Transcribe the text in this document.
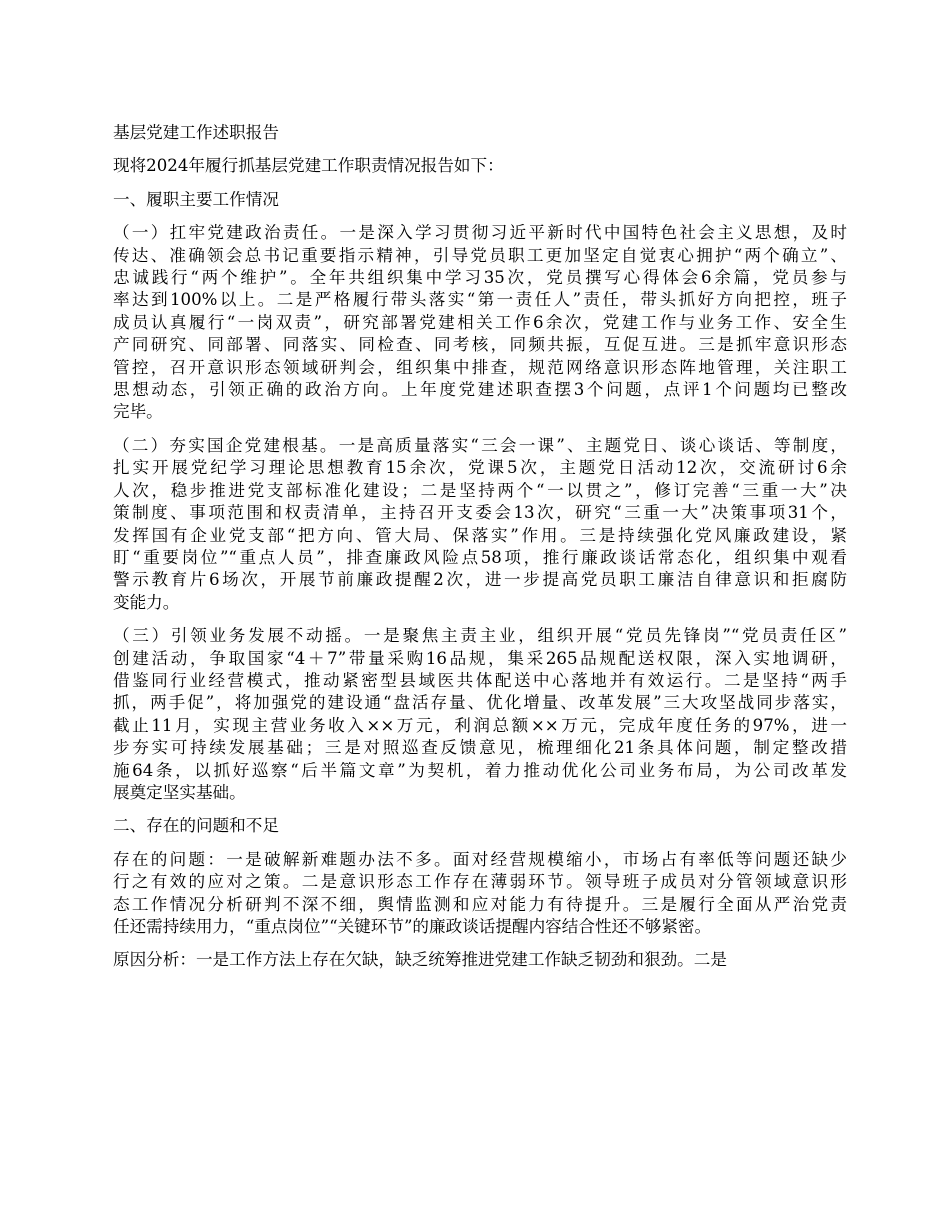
基层党建工作述职报告

现将2024年履行抓基层党建工作职责情况报告如下：

一、履职主要工作情况

（一）扛牢党建政治责任。一是深入学习贯彻习近平新时代中国特色社会主义思想，及时
传达、准确领会总书记重要指示精神，引导党员职工更加坚定自觉衷心拥护“两个确立”、
忠诚践行“两个维护”。全年共组织集中学习35次，党员撰写心得体会6余篇，党员参与
率达到100%以上。二是严格履行带头落实“第一责任人”责任，带头抓好方向把控，班子
成员认真履行“一岗双责”，研究部署党建相关工作6余次，党建工作与业务工作、安全生
产同研究、同部署、同落实、同检查、同考核，同频共振，互促互进。三是抓牢意识形态
管控，召开意识形态领域研判会，组织集中排查，规范网络意识形态阵地管理，关注职工
思想动态，引领正确的政治方向。上年度党建述职查摆3个问题，点评1个问题均已整改
完毕。
（二）夯实国企党建根基。一是高质量落实“三会一课”、主题党日、谈心谈话、等制度，
扎实开展党纪学习理论思想教育15余次，党课5次，主题党日活动12次，交流研讨6余
人次，稳步推进党支部标准化建设；二是坚持两个“一以贯之”，修订完善“三重一大”决
策制度、事项范围和权责清单，主持召开支委会13次，研究“三重一大”决策事项31个，
发挥国有企业党支部“把方向、管大局、保落实”作用。三是持续强化党风廉政建设，紧
盯“重要岗位”“重点人员”，排查廉政风险点58项，推行廉政谈话常态化，组织集中观看
警示教育片6场次，开展节前廉政提醒2次，进一步提高党员职工廉洁自律意识和拒腐防
变能力。
（三）引领业务发展不动摇。一是聚焦主责主业，组织开展“党员先锋岗”“党员责任区”
创建活动，争取国家“4＋7”带量采购16品规，集采265品规配送权限，深入实地调研，
借鉴同行业经营模式，推动紧密型县域医共体配送中心落地并有效运行。二是坚持“两手
抓，两手促”，将加强党的建设通“盘活存量、优化增量、改革发展”三大攻坚战同步落实，
截止11月，实现主营业务收入××万元，利润总额××万元，完成年度任务的97%，进一
步夯实可持续发展基础；三是对照巡查反馈意见，梳理细化21条具体问题，制定整改措
施64条，以抓好巡察“后半篇文章”为契机，着力推动优化公司业务布局，为公司改革发
展奠定坚实基础。

二、存在的问题和不足

存在的问题：一是破解新难题办法不多。面对经营规模缩小，市场占有率低等问题还缺少
行之有效的应对之策。二是意识形态工作存在薄弱环节。领导班子成员对分管领域意识形
态工作情况分析研判不深不细，舆情监测和应对能力有待提升。三是履行全面从严治党责
任还需持续用力，“重点岗位”“关键环节”的廉政谈话提醒内容结合性还不够紧密。
原因分析：一是工作方法上存在欠缺，缺乏统筹推进党建工作缺乏韧劲和狠劲。二是
